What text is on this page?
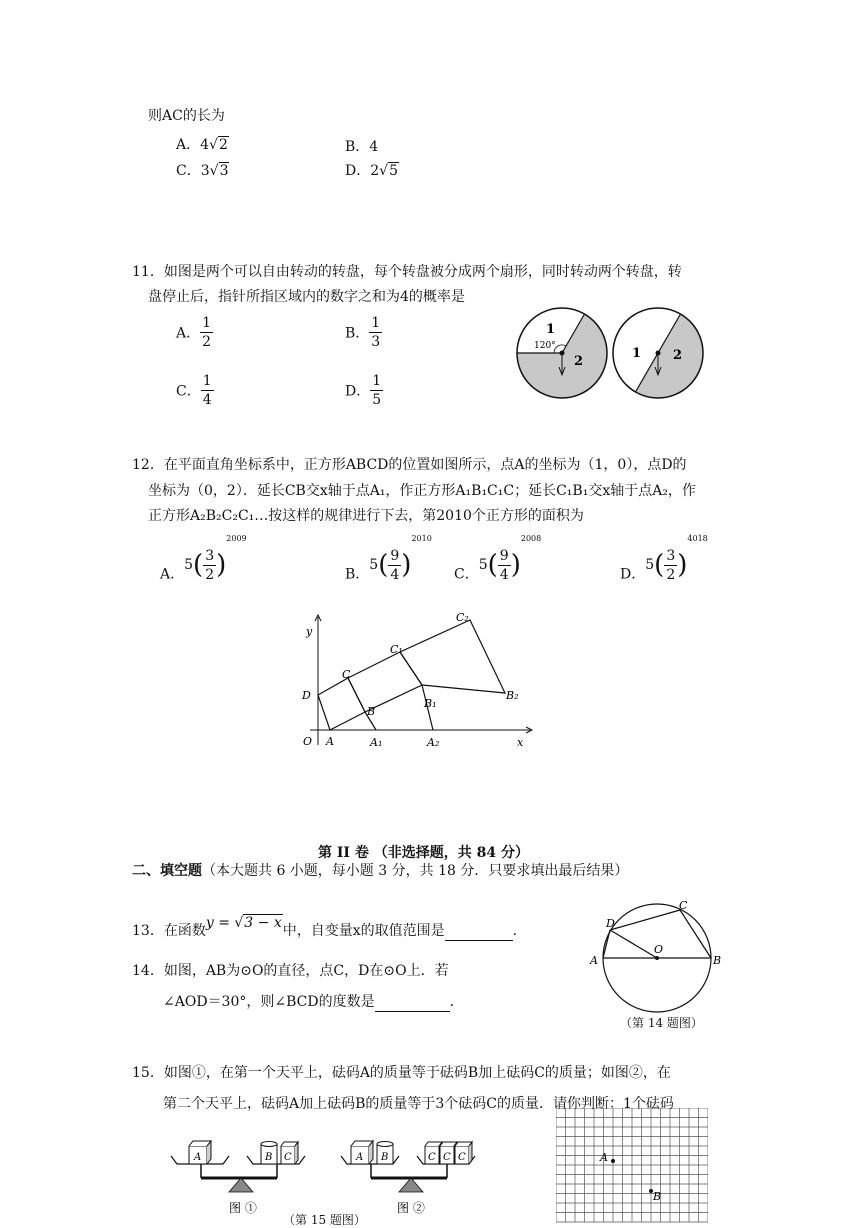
则AC的长为
A．4√2	B．4
C．3√3	D．2√5
11．如图是两个可以自由转动的转盘，每个转盘被分成两个扇形，同时转动两个转盘，转
盘停止后，指针所指区域内的数字之和为4的概率是
A． $\frac{1}{2}$	B． $\frac{1}{3}$
C． $\frac{1}{4}$	D． $\frac{1}{5}$
1
2
120°	1 2
12．在平面直角坐标系中，正方形ABCD的位置如图所示，点A的坐标为（1，0），点D的
坐标为（0，2）．延长CB交x轴于点A₁，作正方形A₁B₁C₁C；延长C₁B₁交x轴于点A₂，作
正方形A₂B₂C₂C₁…按这样的规律进行下去，第2010个正方形的面积为
A．$5( \frac{3}{2} )^{2009}$
B．$5( \frac{9}{4} )^{2010}$
C．$5( \frac{9}{4} )^{2008}$
D．$5( \frac{3}{2} )^{4018}$
y
x
O A	A₁	A₂
B
B₁
B₂
C
C₁
C₂
D
第 II 卷 （非选择题，共 84 分）
二、填空题（本大题共 6 小题，每小题 3 分，共 18 分．只要求填出最后结果）
13．在函数y = √3 − x中，自变量x的取值范围是	．
14．如图，AB为⊙O的直径，点C，D在⊙O上．若
∠AOD＝30°，则∠BCD的度数是	．
A	B
C
D
O
（第 14 题图）
15．如图①，在第一个天平上，砝码A的质量等于砝码B加上砝码C的质量；如图②，在
第二个天平上，砝码A加上砝码B的质量等于3个砝码C的质量．请你判断：1个砝码
A	B C	A B	C C C
图 ①	图 ②
（第 15 题图）
A
B
